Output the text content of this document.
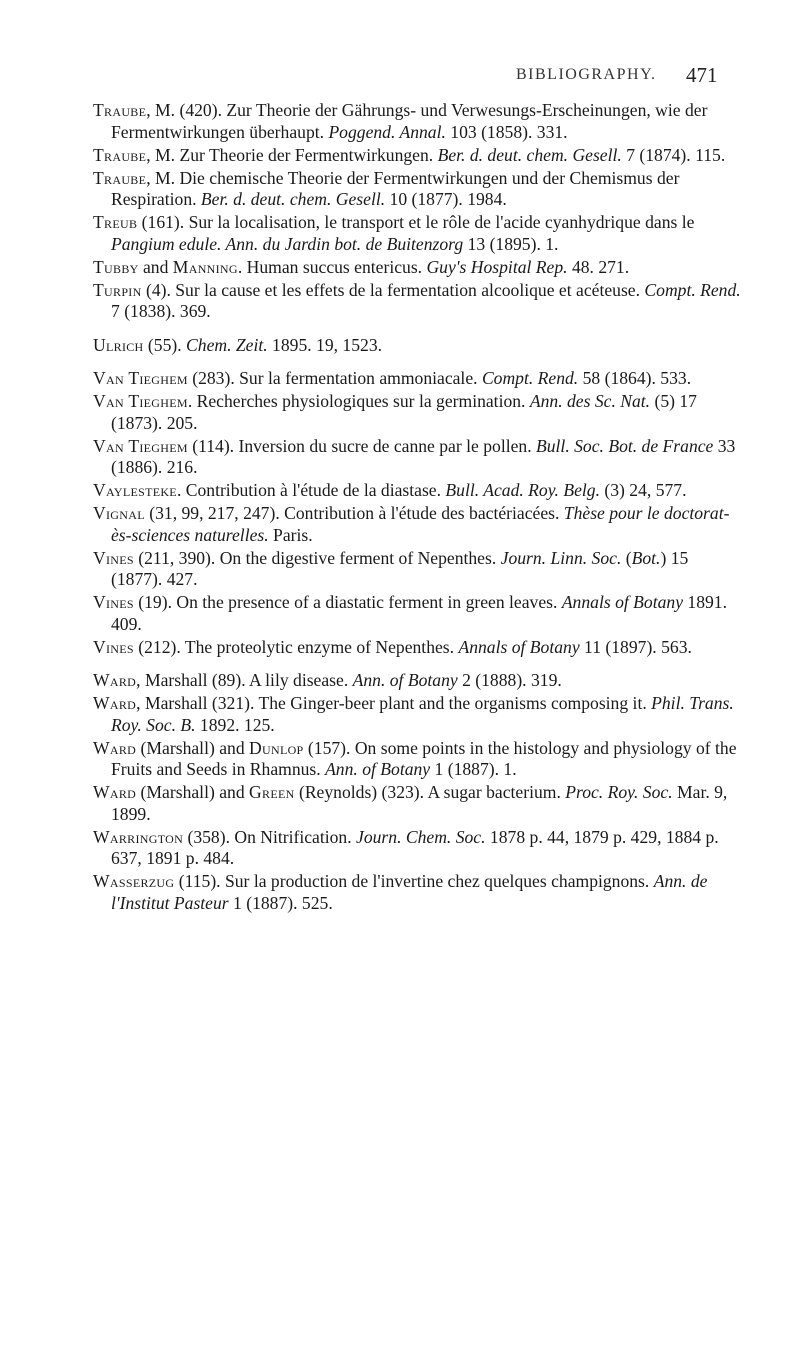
BIBLIOGRAPHY. 471

Traube, M. (420). Zur Theorie der Gährungs- und Verwesungs-Erscheinungen, wie der Fermentwirkungen überhaupt. Poggend. Annal. 103 (1858). 331.

Traube, M. Zur Theorie der Fermentwirkungen. Ber. d. deut. chem. Gesell. 7 (1874). 115.

Traube, M. Die chemische Theorie der Fermentwirkungen und der Chemismus der Respiration. Ber. d. deut. chem. Gesell. 10 (1877). 1984.

Treub (161). Sur la localisation, le transport et le rôle de l'acide cyanhydrique dans le Pangium edule. Ann. du Jardin bot. de Buitenzorg 13 (1895). 1.

Tubby and Manning. Human succus entericus. Guy's Hospital Rep. 48. 271.

Turpin (4). Sur la cause et les effets de la fermentation alcoolique et acéteuse. Compt. Rend. 7 (1838). 369.

Ulrich (55). Chem. Zeit. 1895. 19, 1523.

Van Tieghem (283). Sur la fermentation ammoniacale. Compt. Rend. 58 (1864). 533.

Van Tieghem. Recherches physiologiques sur la germination. Ann. des Sc. Nat. (5) 17 (1873). 205.

Van Tieghem (114). Inversion du sucre de canne par le pollen. Bull. Soc. Bot. de France 33 (1886). 216.

Vaylesteke. Contribution à l'étude de la diastase. Bull. Acad. Roy. Belg. (3) 24, 577.

Vignal (31, 99, 217, 247). Contribution à l'étude des bactériacées. Thèse pour le doctorat-ès-sciences naturelles. Paris.

Vines (211, 390). On the digestive ferment of Nepenthes. Journ. Linn. Soc. (Bot.) 15 (1877). 427.

Vines (19). On the presence of a diastatic ferment in green leaves. Annals of Botany 1891. 409.

Vines (212). The proteolytic enzyme of Nepenthes. Annals of Botany 11 (1897). 563.

Ward, Marshall (89). A lily disease. Ann. of Botany 2 (1888). 319.

Ward, Marshall (321). The Ginger-beer plant and the organisms composing it. Phil. Trans. Roy. Soc. B. 1892. 125.

Ward (Marshall) and Dunlop (157). On some points in the histology and physiology of the Fruits and Seeds in Rhamnus. Ann. of Botany 1 (1887). 1.

Ward (Marshall) and Green (Reynolds) (323). A sugar bacterium. Proc. Roy. Soc. Mar. 9, 1899.

Warrington (358). On Nitrification. Journ. Chem. Soc. 1878 p. 44, 1879 p. 429, 1884 p. 637, 1891 p. 484.

Wasserzug (115). Sur la production de l'invertine chez quelques champignons. Ann. de l'Institut Pasteur 1 (1887). 525.
